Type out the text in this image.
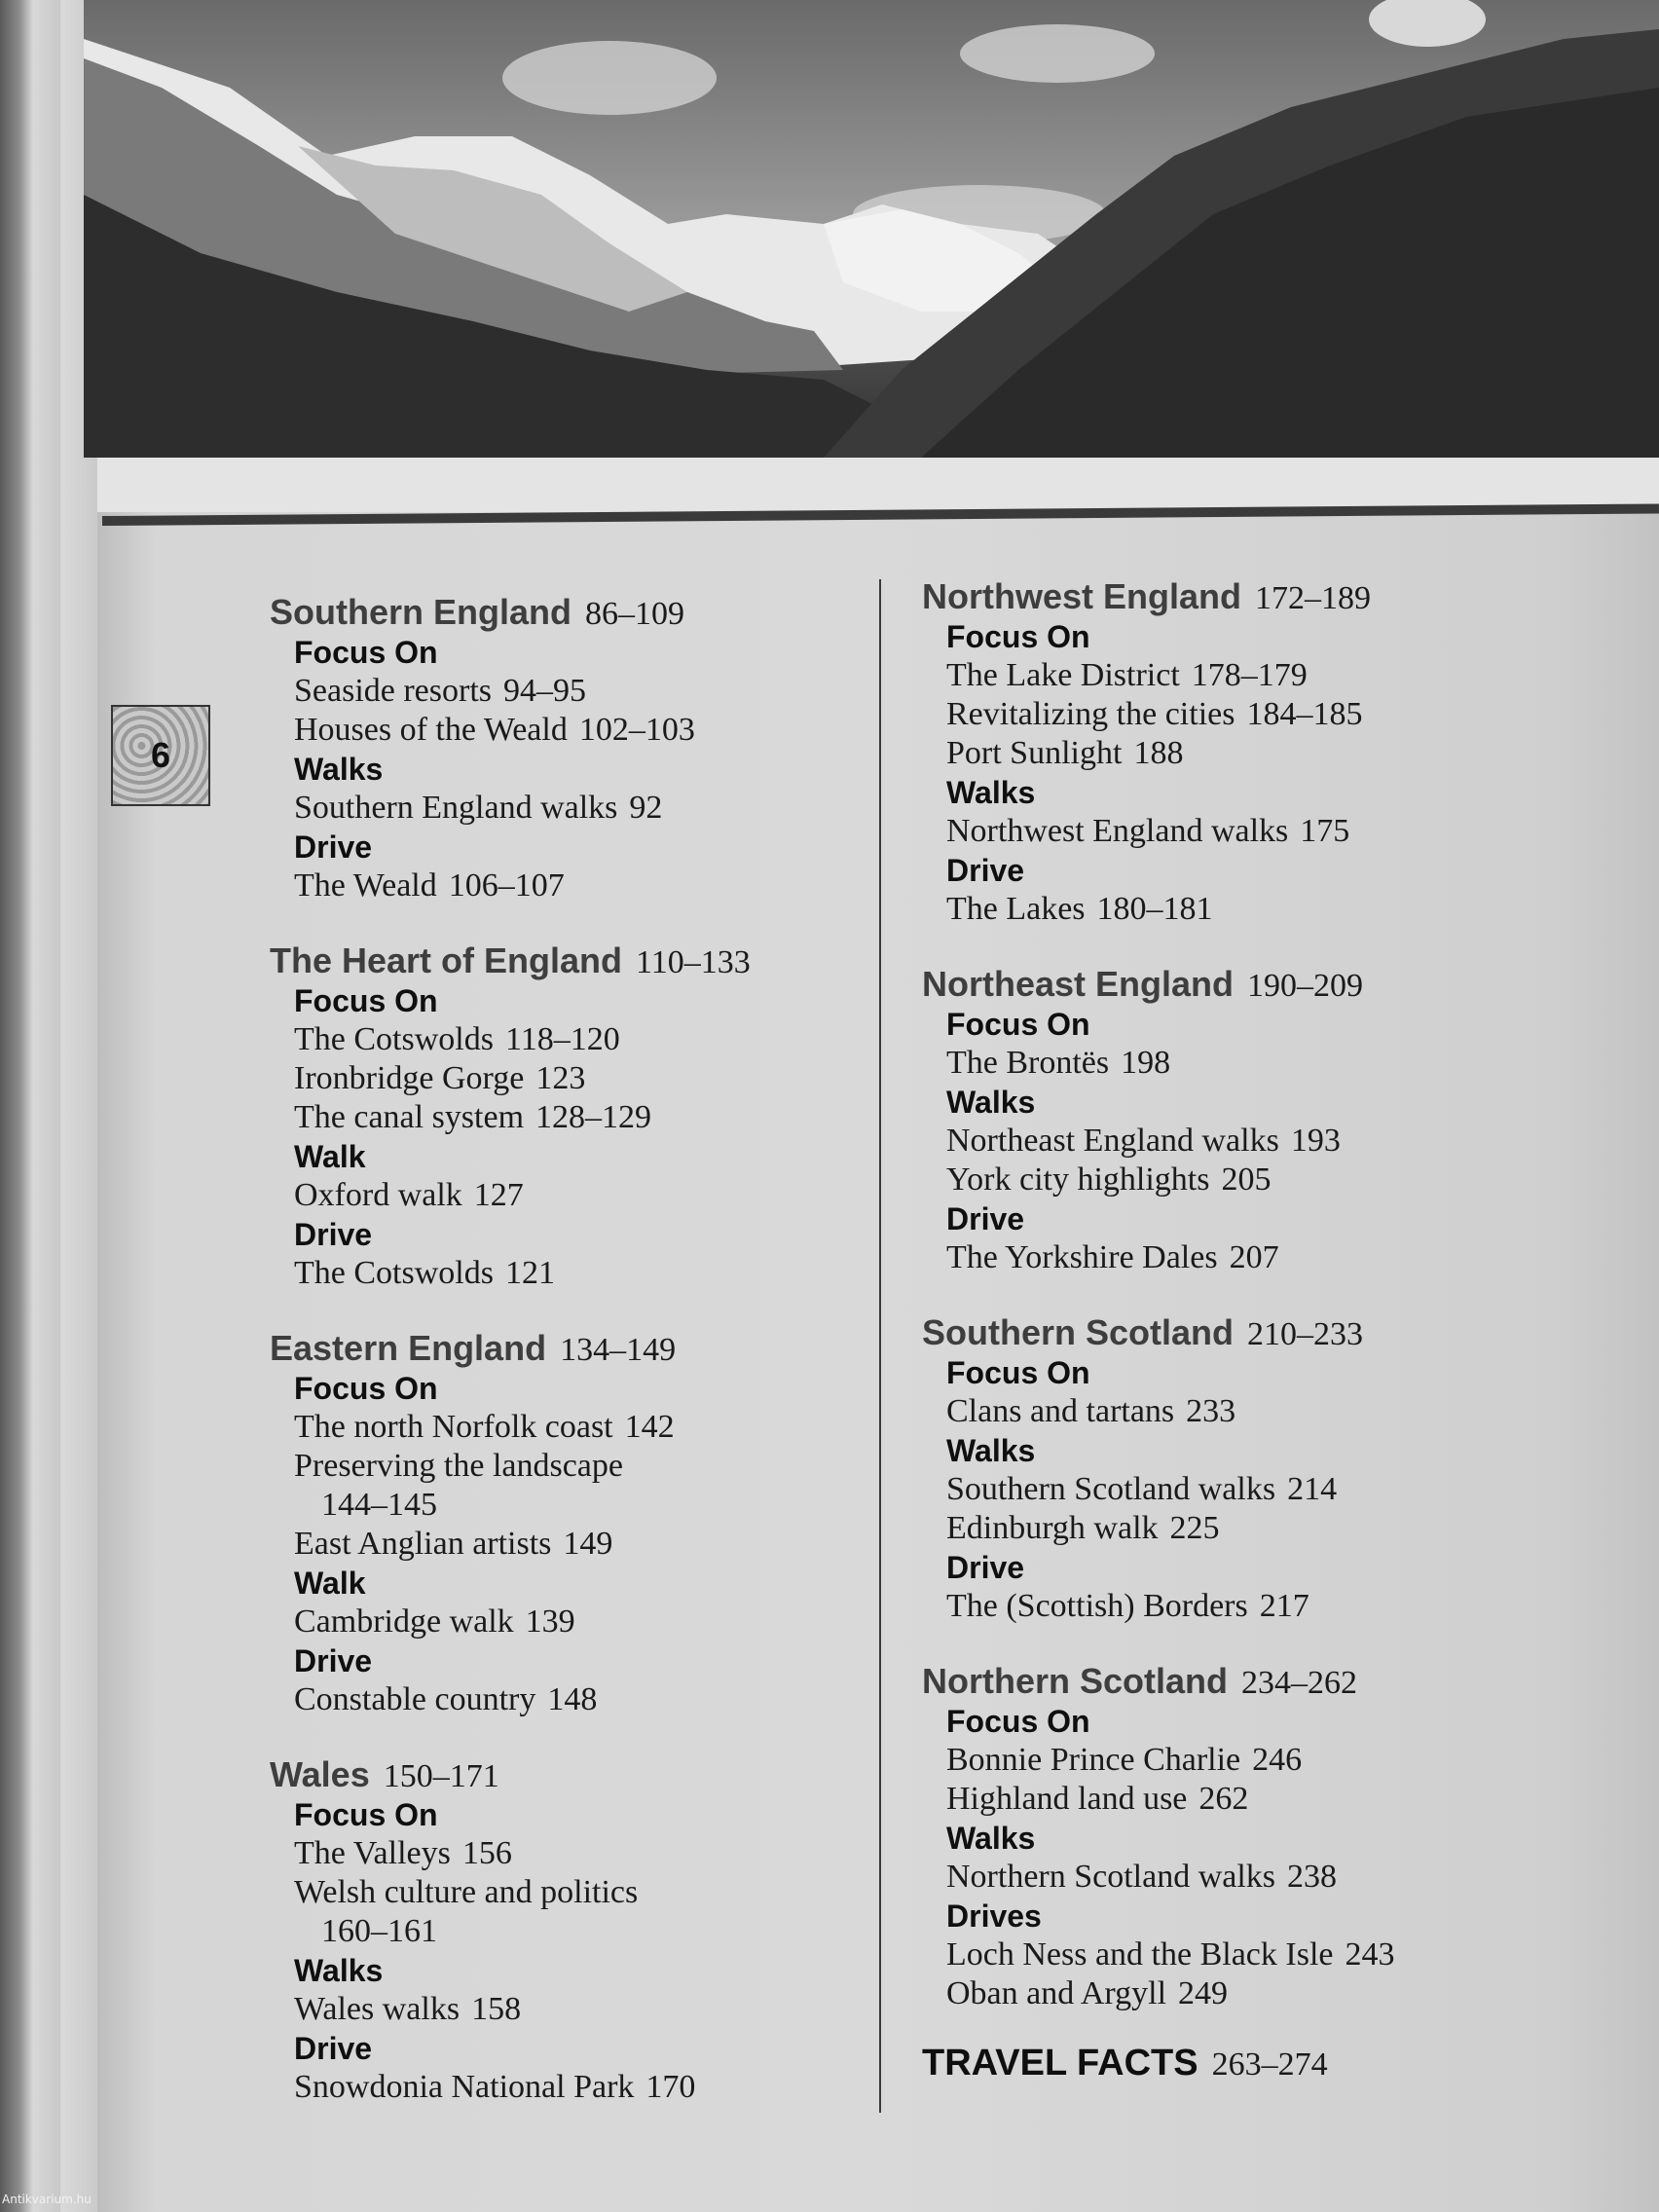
6
Southern England 86–109
Focus On
Seaside resorts 94–95
Houses of the Weald 102–103
Walks
Southern England walks 92
Drive
The Weald 106–107
The Heart of England 110–133
Focus On
The Cotswolds 118–120
Ironbridge Gorge 123
The canal system 128–129
Walk
Oxford walk 127
Drive
The Cotswolds 121
Eastern England 134–149
Focus On
The north Norfolk coast 142
Preserving the landscape
144–145
East Anglian artists 149
Walk
Cambridge walk 139
Drive
Constable country 148
Wales 150–171
Focus On
The Valleys 156
Welsh culture and politics
160–161
Walks
Wales walks 158
Drive
Snowdonia National Park 170
Northwest England 172–189
Focus On
The Lake District 178–179
Revitalizing the cities 184–185
Port Sunlight 188
Walks
Northwest England walks 175
Drive
The Lakes 180–181
Northeast England 190–209
Focus On
The Brontës 198
Walks
Northeast England walks 193
York city highlights 205
Drive
The Yorkshire Dales 207
Southern Scotland 210–233
Focus On
Clans and tartans 233
Walks
Southern Scotland walks 214
Edinburgh walk 225
Drive
The (Scottish) Borders 217
Northern Scotland 234–262
Focus On
Bonnie Prince Charlie 246
Highland land use 262
Walks
Northern Scotland walks 238
Drives
Loch Ness and the Black Isle 243
Oban and Argyll 249
TRAVEL FACTS 263–274
Antikvarium.hu
